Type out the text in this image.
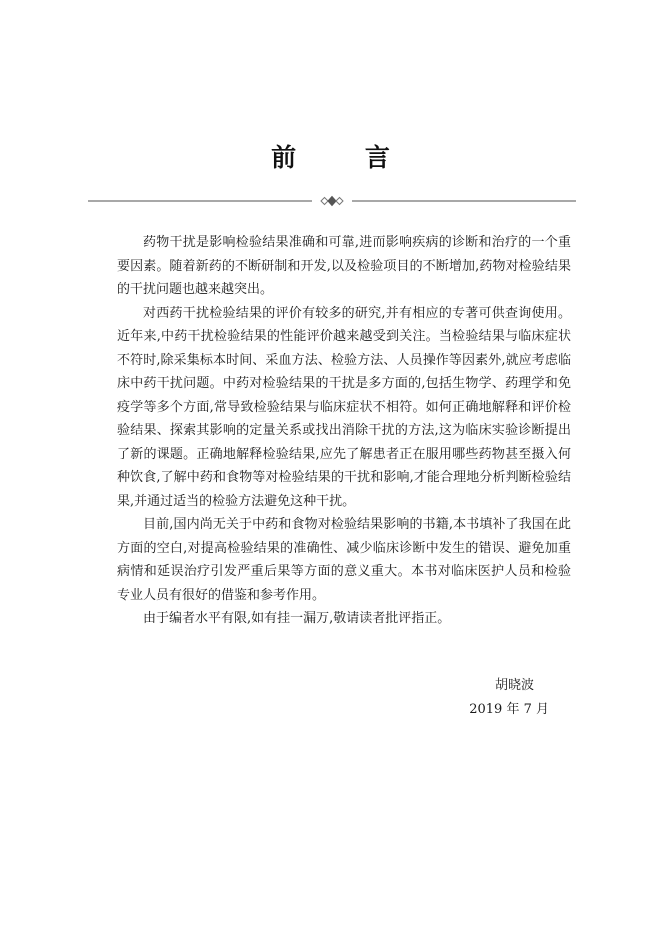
前 言

药物干扰是影响检验结果准确和可靠,进而影响疾病的诊断和治疗的一个重要因素。随着新药的不断研制和开发,以及检验项目的不断增加,药物对检验结果的干扰问题也越来越突出。

对西药干扰检验结果的评价有较多的研究,并有相应的专著可供查询使用。近年来,中药干扰检验结果的性能评价越来越受到关注。当检验结果与临床症状不符时,除采集标本时间、采血方法、检验方法、人员操作等因素外,就应考虑临床中药干扰问题。中药对检验结果的干扰是多方面的,包括生物学、药理学和免疫学等多个方面,常导致检验结果与临床症状不相符。如何正确地解释和评价检验结果、探索其影响的定量关系或找出消除干扰的方法,这为临床实验诊断提出了新的课题。正确地解释检验结果,应先了解患者正在服用哪些药物甚至摄入何种饮食,了解中药和食物等对检验结果的干扰和影响,才能合理地分析判断检验结果,并通过适当的检验方法避免这种干扰。

目前,国内尚无关于中药和食物对检验结果影响的书籍,本书填补了我国在此方面的空白,对提高检验结果的准确性、减少临床诊断中发生的错误、避免加重病情和延误治疗引发严重后果等方面的意义重大。本书对临床医护人员和检验专业人员有很好的借鉴和参考作用。

由于编者水平有限,如有挂一漏万,敬请读者批评指正。

胡晓波
2019 年 7 月
